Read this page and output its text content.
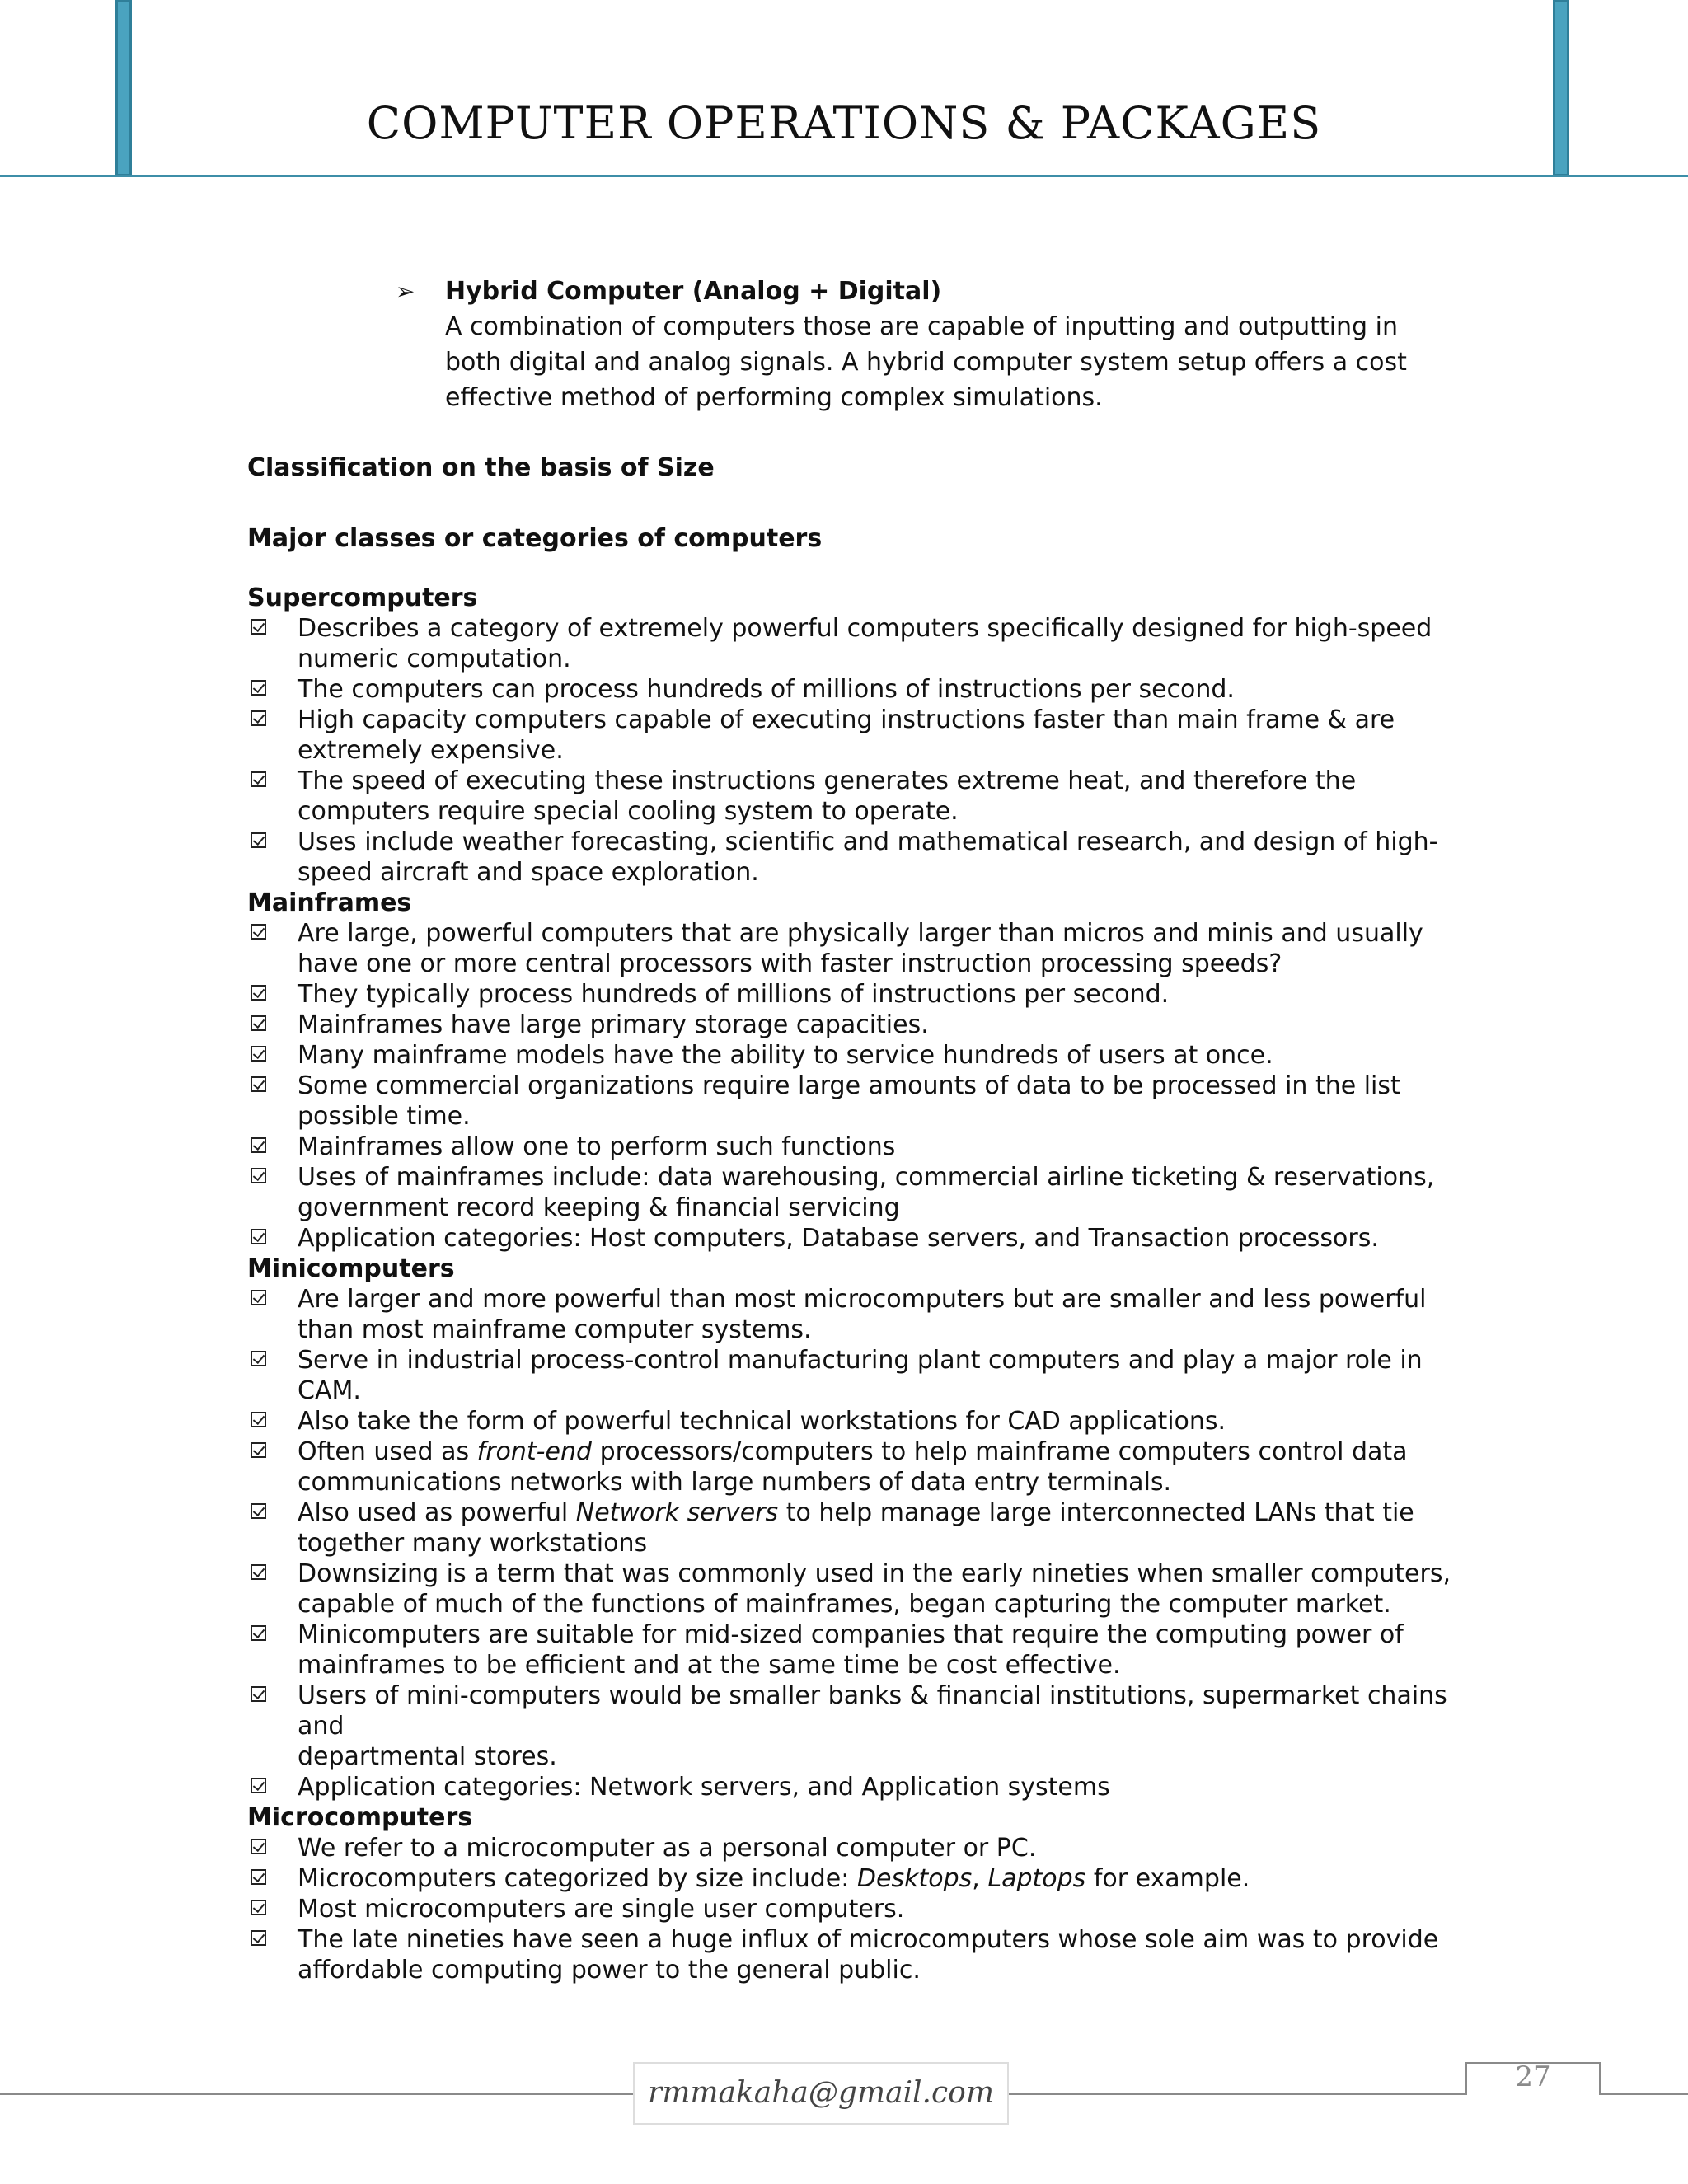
COMPUTER OPERATIONS & PACKAGES
➢ Hybrid Computer (Analog + Digital)
A combination of computers those are capable of inputting and outputting in
both digital and analog signals. A hybrid computer system setup offers a cost
effective method of performing complex simulations.
Classification on the basis of Size
Major classes or categories of computers
Supercomputers
Describes a category of extremely powerful computers specifically designed for high-speed
numeric computation.
The computers can process hundreds of millions of instructions per second.
High capacity computers capable of executing instructions faster than main frame & are
extremely expensive.
The speed of executing these instructions generates extreme heat, and therefore the
computers require special cooling system to operate.
Uses include weather forecasting, scientific and mathematical research, and design of high-
speed aircraft and space exploration.
Mainframes
Are large, powerful computers that are physically larger than micros and minis and usually
have one or more central processors with faster instruction processing speeds?
They typically process hundreds of millions of instructions per second.
Mainframes have large primary storage capacities.
Many mainframe models have the ability to service hundreds of users at once.
Some commercial organizations require large amounts of data to be processed in the list
possible time.
Mainframes allow one to perform such functions
Uses of mainframes include: data warehousing, commercial airline ticketing & reservations,
government record keeping & financial servicing
Application categories: Host computers, Database servers, and Transaction processors.
Minicomputers
Are larger and more powerful than most microcomputers but are smaller and less powerful
than most mainframe computer systems.
Serve in industrial process-control manufacturing plant computers and play a major role in
CAM.
Also take the form of powerful technical workstations for CAD applications.
Often used as front-end processors/computers to help mainframe computers control data
communications networks with large numbers of data entry terminals.
Also used as powerful Network servers to help manage large interconnected LANs that tie
together many workstations
Downsizing is a term that was commonly used in the early nineties when smaller computers,
capable of much of the functions of mainframes, began capturing the computer market.
Minicomputers are suitable for mid-sized companies that require the computing power of
mainframes to be efficient and at the same time be cost effective.
Users of mini-computers would be smaller banks & financial institutions, supermarket chains and
departmental stores.
Application categories: Network servers, and Application systems
Microcomputers
We refer to a microcomputer as a personal computer or PC.
Microcomputers categorized by size include: Desktops, Laptops for example.
Most microcomputers are single user computers.
The late nineties have seen a huge influx of microcomputers whose sole aim was to provide
affordable computing power to the general public.
rmmakaha@gmail.com	27
